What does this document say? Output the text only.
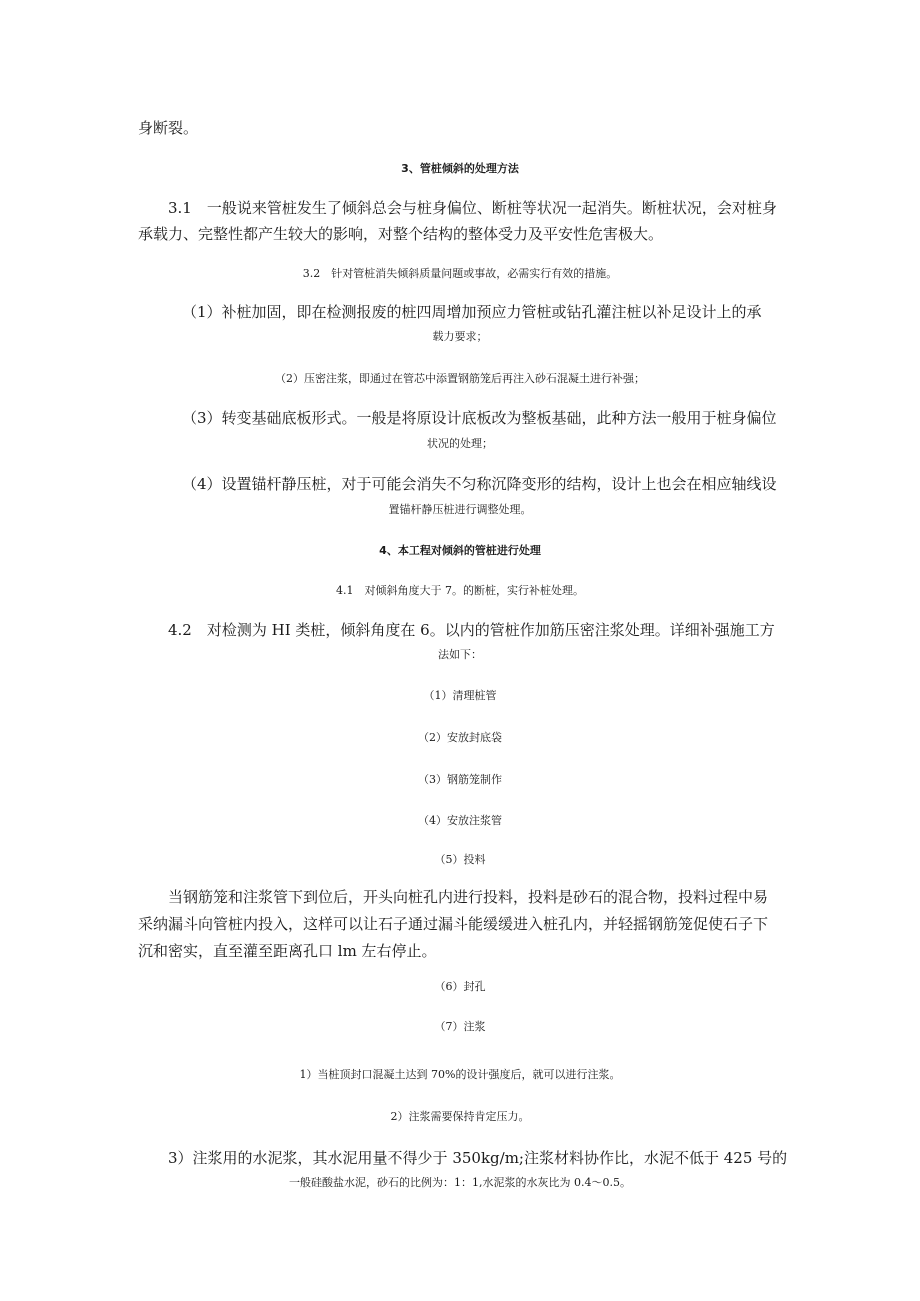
身断裂。
3、管桩倾斜的处理方法
3.1　一般说来管桩发生了倾斜总会与桩身偏位、断桩等状况一起消失。断桩状况，会对桩身
承载力、完整性都产生较大的影响，对整个结构的整体受力及平安性危害极大。
3.2　针对管桩消失倾斜质量问题或事故，必需实行有效的措施。
（1）补桩加固，即在检测报废的桩四周增加预应力管桩或钻孔灌注桩以补足设计上的承
载力要求；
（2）压密注浆，即通过在管芯中添置钢筋笼后再注入砂石混凝土进行补强；
（3）转变基础底板形式。一般是将原设计底板改为整板基础，此种方法一般用于桩身偏位
状况的处理；
（4）设置锚杆静压桩，对于可能会消失不匀称沉降变形的结构，设计上也会在相应轴线设
置锚杆静压桩进行调整处理。
4、本工程对倾斜的管桩进行处理
4.1　对倾斜角度大于 7。的断桩，实行补桩处理。
4.2　对检测为 HI 类桩，倾斜角度在 6。以内的管桩作加筋压密注浆处理。详细补强施工方
法如下：
（1）清理桩管
（2）安放封底袋
（3）钢筋笼制作
（4）安放注浆管
（5）投料
当钢筋笼和注浆管下到位后，开头向桩孔内进行投料，投料是砂石的混合物，投料过程中易
采纳漏斗向管桩内投入，这样可以让石子通过漏斗能缓缓进入桩孔内，并轻摇钢筋笼促使石子下
沉和密实，直至灌至距离孔口 lm 左右停止。
（6）封孔
（7）注浆
1）当桩顶封口混凝土达到 70%的设计强度后，就可以进行注浆。
2）注浆需要保持肯定压力。
3）注浆用的水泥浆，其水泥用量不得少于 350kg∕m;注浆材料协作比，水泥不低于 425 号的
一般硅酸盐水泥，砂石的比例为：1：1,水泥浆的水灰比为 0.4～0.5。
